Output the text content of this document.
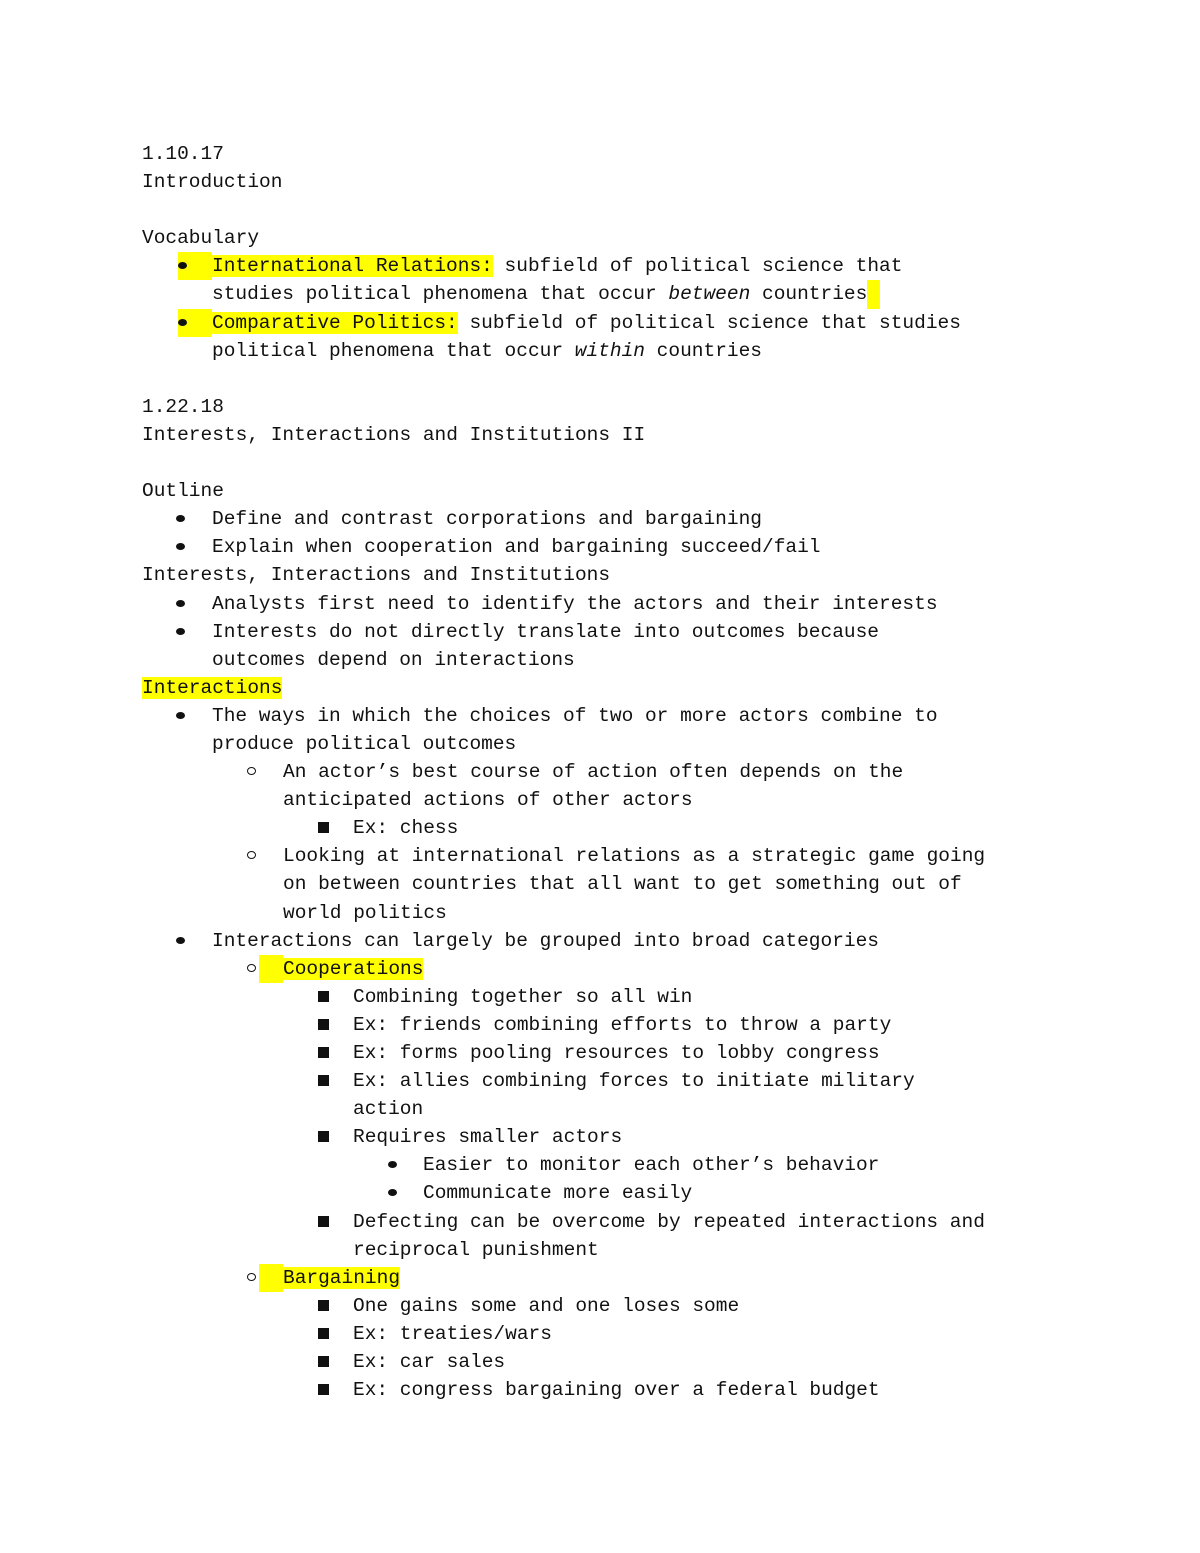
1.10.17
Introduction
Vocabulary
International Relations: subfield of political science that
studies political phenomena that occur between countries
Comparative Politics: subfield of political science that studies
political phenomena that occur within countries
1.22.18
Interests, Interactions and Institutions II
Outline
Define and contrast corporations and bargaining
Explain when cooperation and bargaining succeed/fail
Interests, Interactions and Institutions
Analysts first need to identify the actors and their interests
Interests do not directly translate into outcomes because
outcomes depend on interactions
Interactions
The ways in which the choices of two or more actors combine to
produce political outcomes
An actor’s best course of action often depends on the
anticipated actions of other actors
Ex: chess
Looking at international relations as a strategic game going
on between countries that all want to get something out of
world politics
Interactions can largely be grouped into broad categories
Cooperations
Combining together so all win
Ex: friends combining efforts to throw a party
Ex: forms pooling resources to lobby congress
Ex: allies combining forces to initiate military
action
Requires smaller actors
Easier to monitor each other’s behavior
Communicate more easily
Defecting can be overcome by repeated interactions and
reciprocal punishment
Bargaining
One gains some and one loses some
Ex: treaties/wars
Ex: car sales
Ex: congress bargaining over a federal budget
